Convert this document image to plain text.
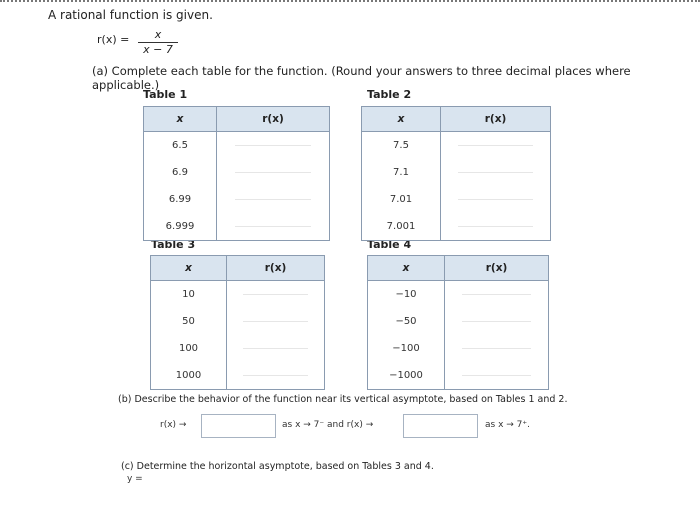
A rational function is given.
r(x) =	x
x − 7
(a) Complete each table for the function. (Round your answers to three decimal places where applicable.)
Table 1	Table 2
Table 3	Table 4
x	r(x)
6.5	

6.9	

6.99	

6.999	
x	r(x)
7.5	

7.1	

7.01	

7.001	
x	r(x)
10	

50	

100	

1000	
x	r(x)
−10	

−50	

−100	

−1000	
(b) Describe the behavior of the function near its vertical asymptote, based on Tables 1 and 2.
r(x) →	as x → 7⁻ and r(x) →	as x → 7⁺.
(c) Determine the horizontal asymptote, based on Tables 3 and 4.
y =
